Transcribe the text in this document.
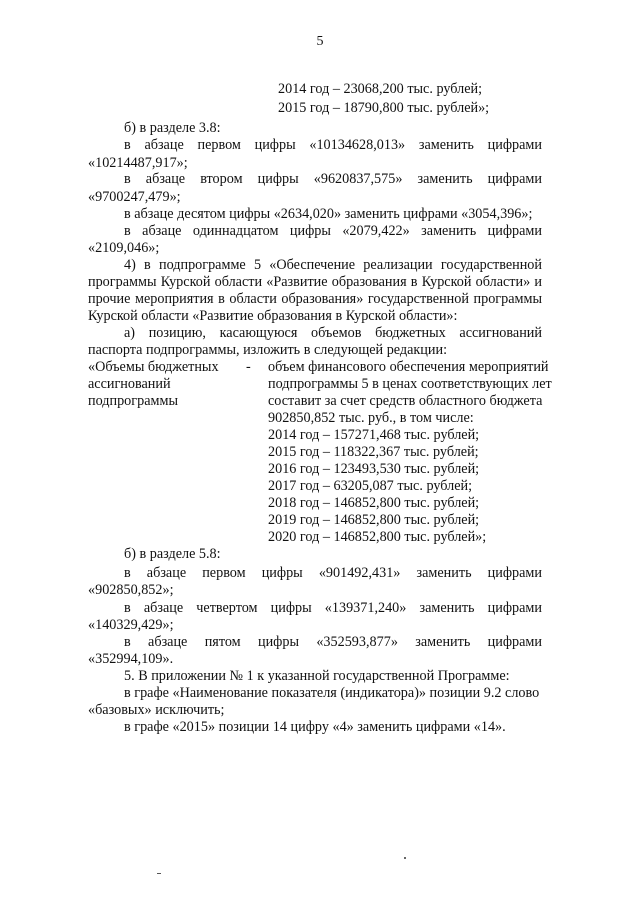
5
2014 год – 23068,200 тыс. рублей;
2015 год – 18790,800 тыс. рублей»;
б) в разделе 3.8:
в абзаце первом цифры «10134628,013» заменить цифрами
«10214487,917»;
в абзаце втором цифры «9620837,575» заменить цифрами
«9700247,479»;
в абзаце десятом цифры «2634,020» заменить цифрами «3054,396»;
в абзаце одиннадцатом цифры «2079,422» заменить цифрами
«2109,046»;
4) в подпрограмме 5 «Обеспечение реализации государственной
программы Курской области «Развитие образования в Курской области» и
прочие мероприятия в области образования» государственной программы
Курской области «Развитие образования в Курской области»:
а) позицию, касающуюся объемов бюджетных ассигнований
паспорта подпрограммы, изложить в следующей редакции:
«Объемы бюджетных
ассигнований
подпрограммы
- объем финансового обеспечения мероприятий
подпрограммы 5 в ценах соответствующих лет
составит за счет средств областного бюджета
902850,852 тыс. руб., в том числе:
2014 год – 157271,468 тыс. рублей;
2015 год – 118322,367 тыс. рублей;
2016 год – 123493,530 тыс. рублей;
2017 год – 63205,087 тыс. рублей;
2018 год – 146852,800 тыс. рублей;
2019 год – 146852,800 тыс. рублей;
2020 год – 146852,800 тыс. рублей»;
б) в разделе 5.8:
в абзаце первом цифры «901492,431» заменить цифрами
«902850,852»;
в абзаце четвертом цифры «139371,240» заменить цифрами
«140329,429»;
в абзаце пятом цифры «352593,877» заменить цифрами
«352994,109».
5. В приложении № 1 к указанной государственной Программе:
в графе «Наименование показателя (индикатора)» позиции 9.2 слово
«базовых» исключить;
в графе «2015» позиции 14 цифру «4» заменить цифрами «14».
